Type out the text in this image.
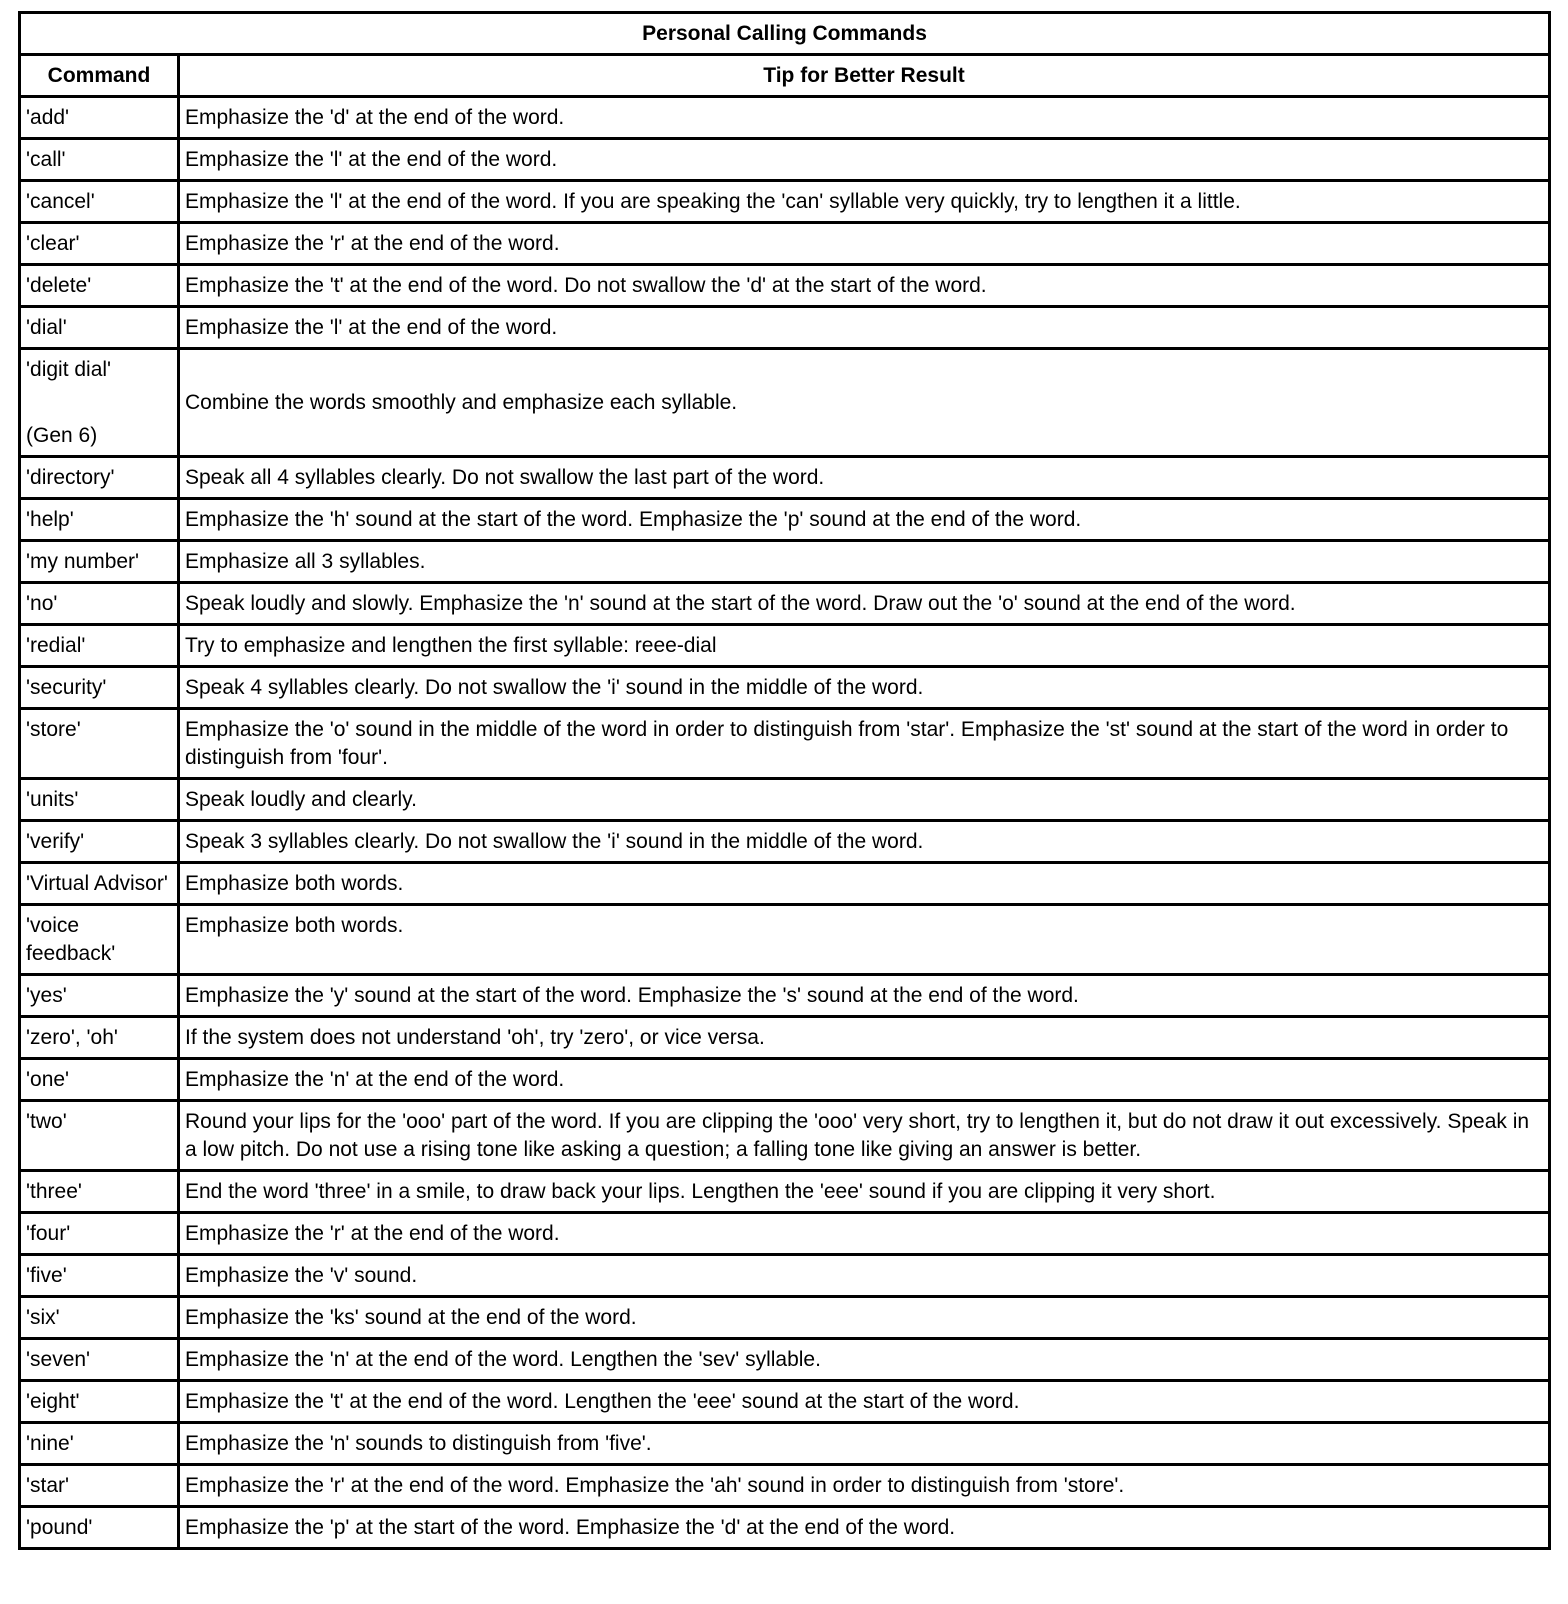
Personal Calling Commands	
Command	Tip for Better Result

'add'	Emphasize the 'd' at the end of the word.

'call'	Emphasize the 'l' at the end of the word.

'cancel'	Emphasize the 'l' at the end of the word. If you are speaking the 'can' syllable very quickly, try to lengthen it a little.

'clear'	Emphasize the 'r' at the end of the word.

'delete'	Emphasize the 't' at the end of the word. Do not swallow the 'd' at the start of the word.

'dial'	Emphasize the 'l' at the end of the word.

'digit dial'
(Gen 6)	Combine the words smoothly and emphasize each syllable.

'directory'	Speak all 4 syllables clearly. Do not swallow the last part of the word.

'help'	Emphasize the 'h' sound at the start of the word. Emphasize the 'p' sound at the end of the word.

'my number'	Emphasize all 3 syllables.

'no'	Speak loudly and slowly. Emphasize the 'n' sound at the start of the word. Draw out the 'o' sound at the end of the word.

'redial'	Try to emphasize and lengthen the first syllable: reee-dial

'security'	Speak 4 syllables clearly. Do not swallow the 'i' sound in the middle of the word.

'store'	Emphasize the 'o' sound in the middle of the word in order to distinguish from 'star'. Emphasize the 'st' sound at the start of the word in order to distinguish from 'four'.

'units'	Speak loudly and clearly.

'verify'	Speak 3 syllables clearly. Do not swallow the 'i' sound in the middle of the word.

'Virtual Advisor'	Emphasize both words.

'voice feedback'	Emphasize both words.

'yes'	Emphasize the 'y' sound at the start of the word. Emphasize the 's' sound at the end of the word.

'zero', 'oh'	If the system does not understand 'oh', try 'zero', or vice versa.

'one'	Emphasize the 'n' at the end of the word.

'two'	Round your lips for the 'ooo' part of the word. If you are clipping the 'ooo' very short, try to lengthen it, but do not draw it out excessively. Speak in a low pitch. Do not use a rising tone like asking a question; a falling tone like giving an answer is better.

'three'	End the word 'three' in a smile, to draw back your lips. Lengthen the 'eee' sound if you are clipping it very short.

'four'	Emphasize the 'r' at the end of the word.

'five'	Emphasize the 'v' sound.

'six'	Emphasize the 'ks' sound at the end of the word.

'seven'	Emphasize the 'n' at the end of the word. Lengthen the 'sev' syllable.

'eight'	Emphasize the 't' at the end of the word. Lengthen the 'eee' sound at the start of the word.

'nine'	Emphasize the 'n' sounds to distinguish from 'five'.

'star'	Emphasize the 'r' at the end of the word. Emphasize the 'ah' sound in order to distinguish from 'store'.

'pound'	Emphasize the 'p' at the start of the word. Emphasize the 'd' at the end of the word.
